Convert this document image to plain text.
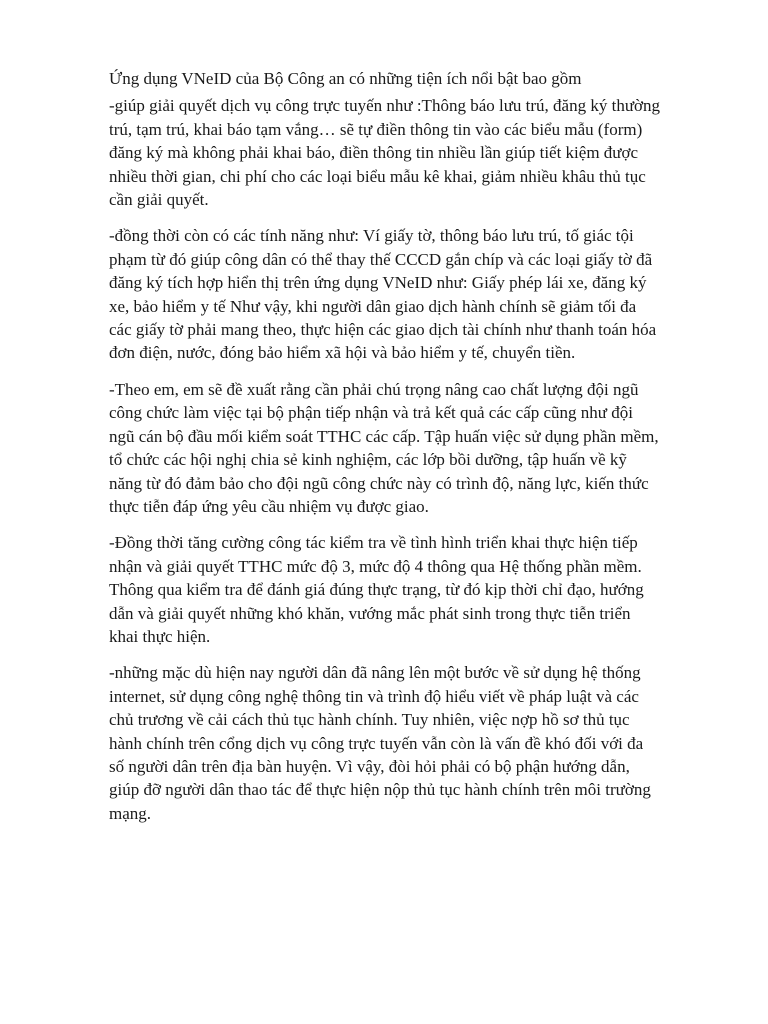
Ứng dụng VNeID của Bộ Công an có những tiện ích nổi bật bao gồm

-giúp giải quyết dịch vụ công trực tuyến như :Thông báo lưu trú, đăng ký thường trú, tạm trú, khai báo tạm vắng… sẽ tự điền thông tin vào các biểu mẫu (form) đăng ký mà không phải khai báo, điền thông tin nhiều lần giúp tiết kiệm được nhiều thời gian, chi phí cho các loại biểu mẫu kê khai, giảm nhiều khâu thủ tục cần giải quyết.

-đồng thời còn có các tính năng như: Ví giấy tờ, thông báo lưu trú, tố giác tội phạm từ đó giúp công dân có thể thay thế CCCD gắn chíp và các loại giấy tờ đã đăng ký tích hợp hiển thị trên ứng dụng VNeID như: Giấy phép lái xe, đăng ký xe, bảo hiểm y tế Như vậy, khi người dân giao dịch hành chính sẽ giảm tối đa các giấy tờ phải mang theo, thực hiện các giao dịch tài chính như thanh toán hóa đơn điện, nước, đóng bảo hiểm xã hội và bảo hiểm y tế, chuyển tiền.

-Theo em, em sẽ đề xuất rằng cần phải chú trọng nâng cao chất lượng đội ngũ công chức làm việc tại bộ phận tiếp nhận và trả kết quả các cấp cũng như đội ngũ cán bộ đầu mối kiểm soát TTHC các cấp. Tập huấn việc sử dụng phần mềm, tổ chức các hội nghị chia sẻ kinh nghiệm, các lớp bồi dưỡng, tập huấn về kỹ năng từ đó đảm bảo cho đội ngũ công chức này có trình độ, năng lực, kiến thức thực tiễn đáp ứng yêu cầu nhiệm vụ được giao.

-Đồng thời tăng cường công tác kiểm tra về tình hình triển khai thực hiện tiếp nhận và giải quyết TTHC mức độ 3, mức độ 4 thông qua Hệ thống phần mềm. Thông qua kiểm tra để đánh giá đúng thực trạng, từ đó kịp thời chỉ đạo, hướng dẫn và giải quyết những khó khăn, vướng mắc phát sinh trong thực tiễn triển khai thực hiện.

-những mặc dù hiện nay người dân đã nâng lên một bước về sử dụng hệ thống internet, sử dụng công nghệ thông tin và trình độ hiểu viết về pháp luật và các chủ trương về cải cách thủ tục hành chính. Tuy nhiên, việc nợp hồ sơ thủ tục hành chính trên cổng dịch vụ công trực tuyến vẫn còn là vấn đề khó đối với đa số người dân trên địa bàn huyện. Vì vậy, đòi hỏi phải có bộ phận hướng dẫn, giúp đỡ người dân thao tác để thực hiện nộp thủ tục hành chính trên môi trường mạng.
